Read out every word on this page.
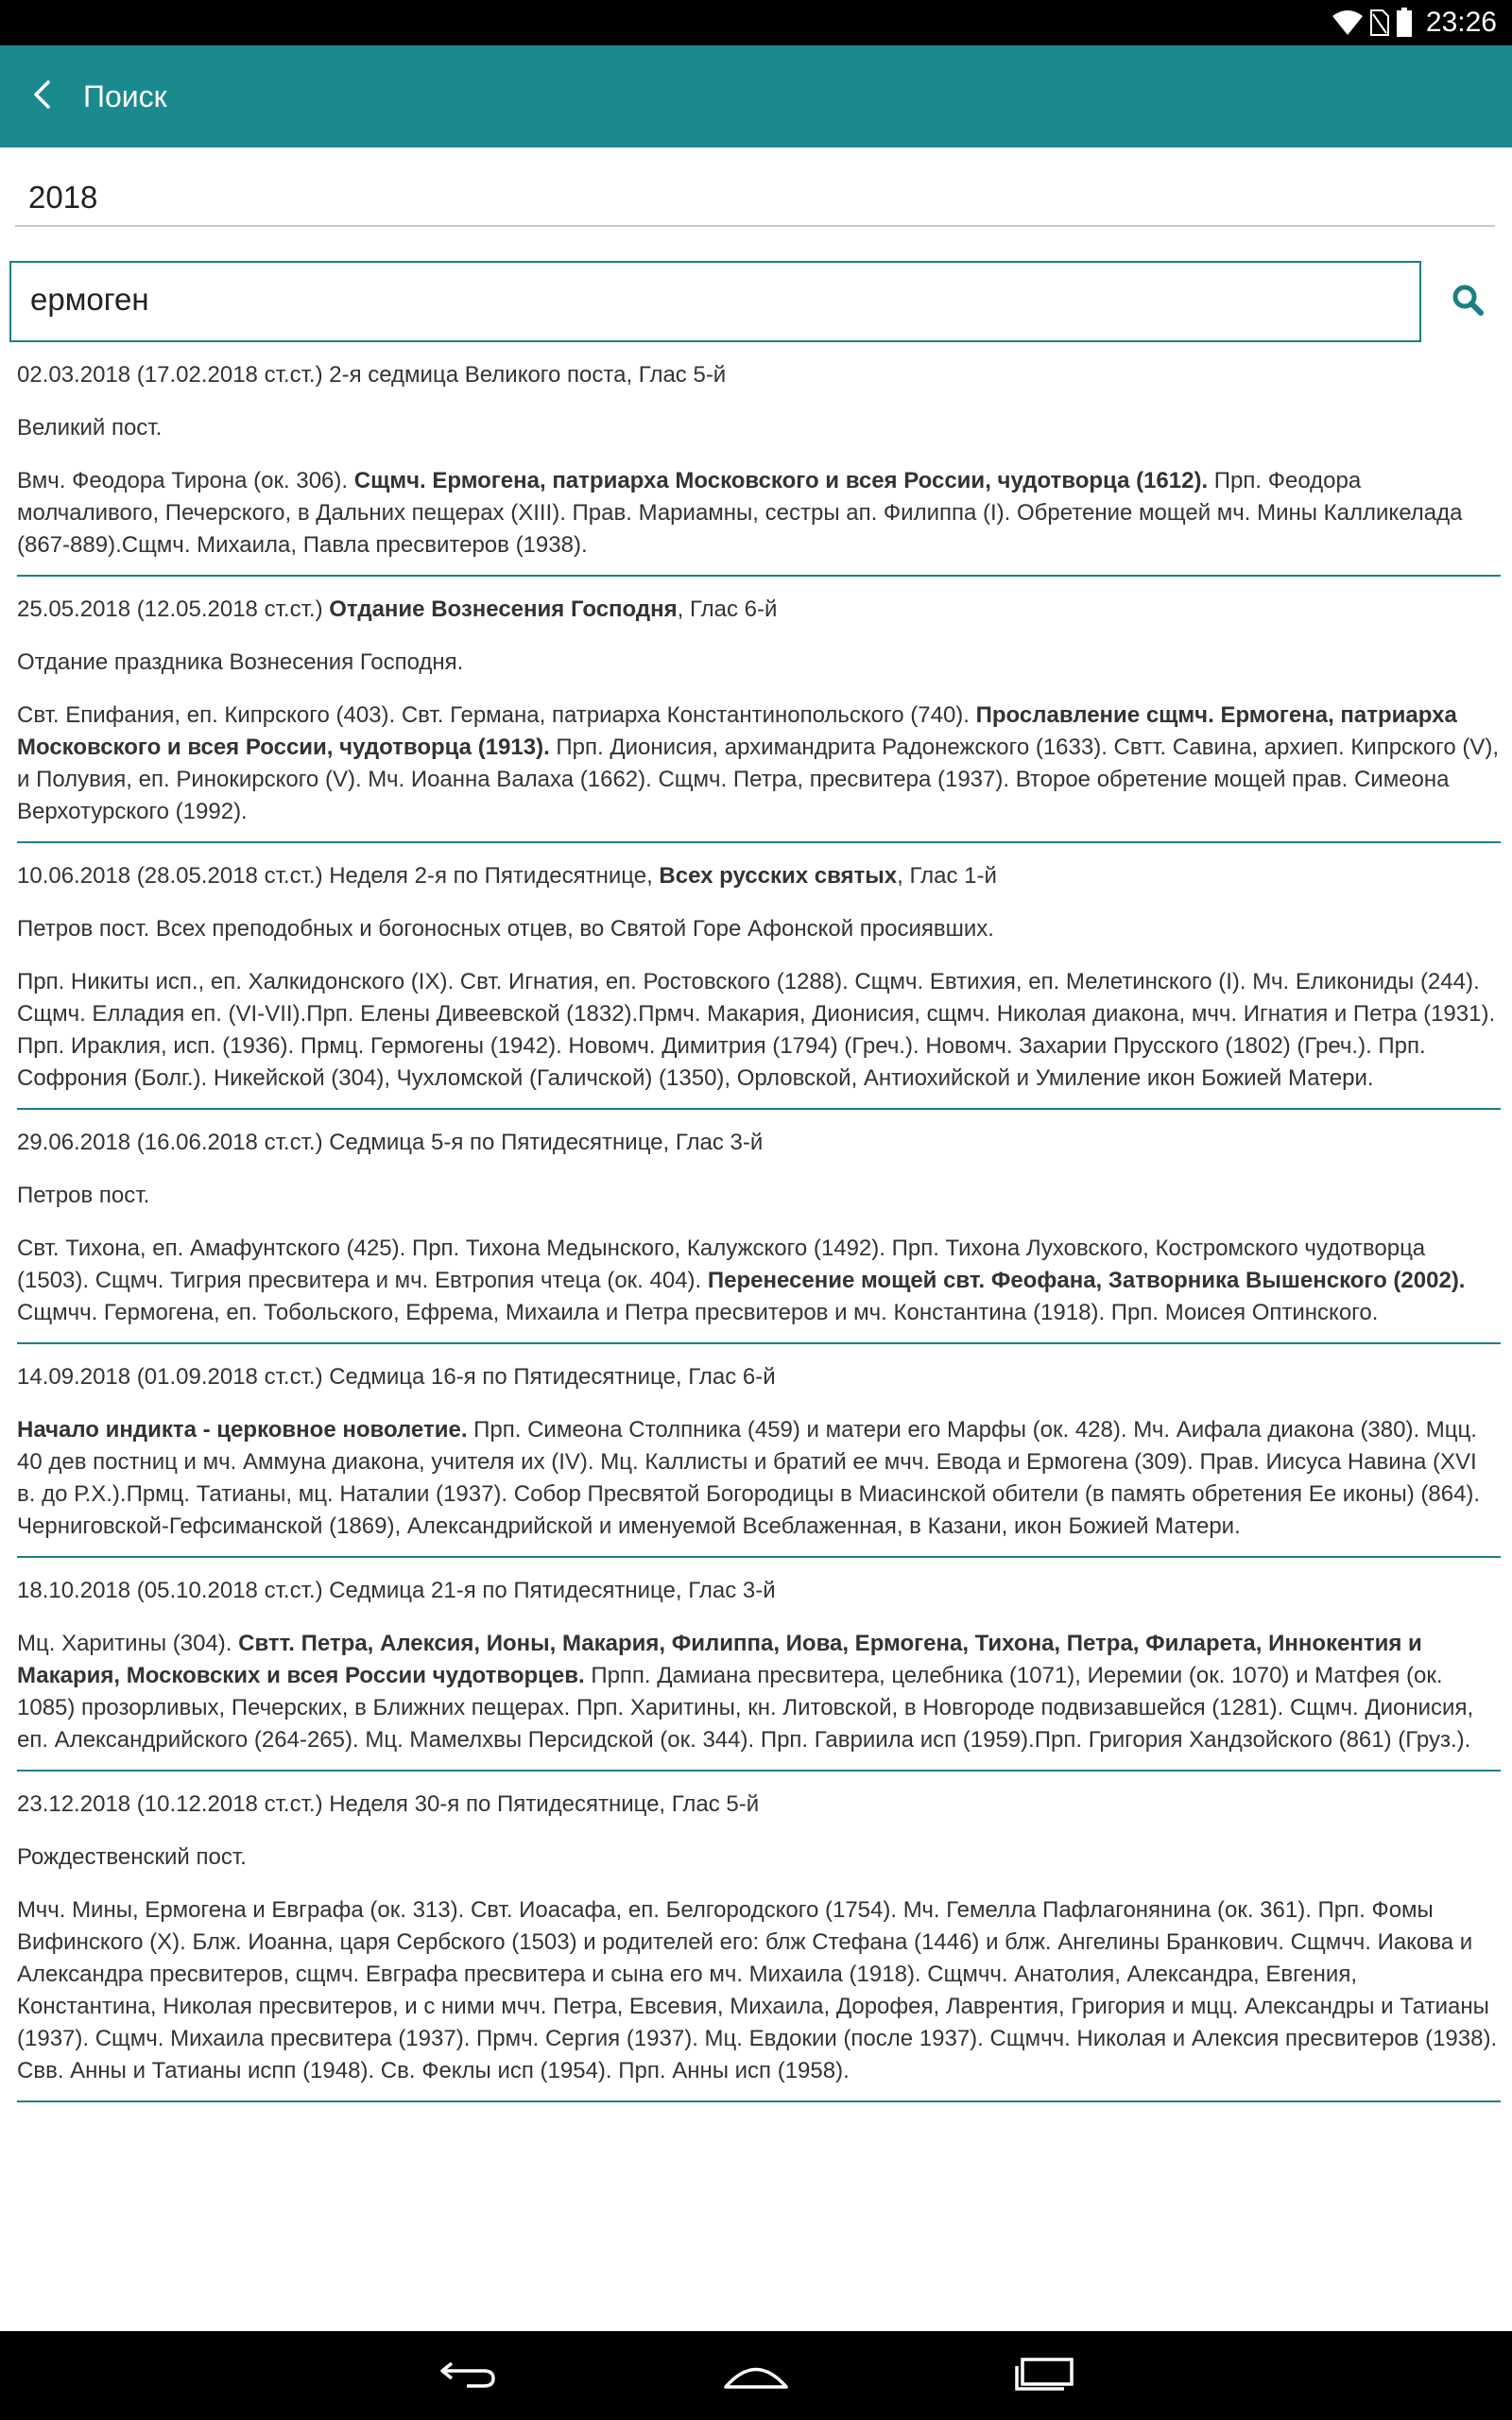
23:26
Поиск
2018
ермоген
02.03.2018 (17.02.2018 ст.ст.) 2-я седмица Великого поста, Глас 5-й
Великий пост.
Вмч. Феодора Тирона (ок. 306). Сщмч. Ермогена, патриарха Московского и всея России, чудотворца (1612). Прп. Феодора молчаливого, Печерского, в Дальних пещерах (XIII). Прав. Мариамны, сестры ап. Филиппа (I). Обретение мощей мч. Мины Калликелада (867-889).Сщмч. Михаила, Павла пресвитеров (1938).
25.05.2018 (12.05.2018 ст.ст.) Отдание Вознесения Господня, Глас 6-й
Отдание праздника Вознесения Господня.
Свт. Епифания, еп. Кипрского (403). Свт. Германа, патриарха Константинопольского (740). Прославление сщмч. Ермогена, патриарха Московского и всея России, чудотворца (1913). Прп. Дионисия, архимандрита Радонежского (1633). Свтт. Савина, архиеп. Кипрского (V), и Полувия, еп. Ринокирского (V). Мч. Иоанна Валаха (1662). Сщмч. Петра, пресвитера (1937). Второе обретение мощей прав. Симеона Верхотурского (1992).
10.06.2018 (28.05.2018 ст.ст.) Неделя 2-я по Пятидесятнице, Всех русских святых, Глас 1-й
Петров пост. Всех преподобных и богоносных отцев, во Святой Горе Афонской просиявших.
Прп. Никиты исп., еп. Халкидонского (IX). Свт. Игнатия, еп. Ростовского (1288). Сщмч. Евтихия, еп. Мелетинского (I). Мч. Еликониды (244). Сщмч. Елладия еп. (VI-VII).Прп. Елены Дивеевской (1832).Прмч. Макария, Дионисия, сщмч. Николая диакона, мчч. Игнатия и Петра (1931). Прп. Ираклия, исп. (1936). Прмц. Гермогены (1942). Новомч. Димитрия (1794) (Греч.). Новомч. Захарии Прусского (1802) (Греч.). Прп. Софрония (Болг.). Никейской (304), Чухломской (Галичской) (1350), Орловской, Антиохийской и Умиление икон Божией Матери.
29.06.2018 (16.06.2018 ст.ст.) Седмица 5-я по Пятидесятнице, Глас 3-й
Петров пост.
Свт. Тихона, еп. Амафунтского (425). Прп. Тихона Медынского, Калужского (1492). Прп. Тихона Луховского, Костромского чудотворца (1503). Сщмч. Тигрия пресвитера и мч. Евтропия чтеца (ок. 404). Перенесение мощей свт. Феофана, Затворника Вышенского (2002). Сщмчч. Гермогена, еп. Тобольского, Ефрема, Михаила и Петра пресвитеров и мч. Константина (1918). Прп. Моисея Оптинского.
14.09.2018 (01.09.2018 ст.ст.) Седмица 16-я по Пятидесятнице, Глас 6-й
Начало индикта - церковное новолетие. Прп. Симеона Столпника (459) и матери его Марфы (ок. 428). Мч. Аифала диакона (380). Мцц. 40 дев постниц и мч. Аммуна диакона, учителя их (IV). Мц. Каллисты и братий ее мчч. Евода и Ермогена (309). Прав. Иисуса Навина (XVI в. до Р.Х.).Прмц. Татианы, мц. Наталии (1937). Собор Пресвятой Богородицы в Миасинской обители (в память обретения Ее иконы) (864). Черниговской-Гефсиманской (1869), Александрийской и именуемой Всеблаженная, в Казани, икон Божией Матери.
18.10.2018 (05.10.2018 ст.ст.) Седмица 21-я по Пятидесятнице, Глас 3-й
Мц. Харитины (304). Свтт. Петра, Алексия, Ионы, Макария, Филиппа, Иова, Ермогена, Тихона, Петра, Филарета, Иннокентия и Макария, Московских и всея России чудотворцев. Прпп. Дамиана пресвитера, целебника (1071), Иеремии (ок. 1070) и Матфея (ок. 1085) прозорливых, Печерских, в Ближних пещерах. Прп. Харитины, кн. Литовской, в Новгороде подвизавшейся (1281). Сщмч. Дионисия, еп. Александрийского (264-265). Мц. Мамелхвы Персидской (ок. 344). Прп. Гавриила исп (1959).Прп. Григория Хандзойского (861) (Груз.).
23.12.2018 (10.12.2018 ст.ст.) Неделя 30-я по Пятидесятнице, Глас 5-й
Рождественский пост.
Мчч. Мины, Ермогена и Евграфа (ок. 313). Свт. Иоасафа, еп. Белгородского (1754). Мч. Гемелла Пафлагонянина (ок. 361). Прп. Фомы Вифинского (X). Блж. Иоанна, царя Сербского (1503) и родителей его: блж Стефана (1446) и блж. Ангелины Бранкович. Сщмчч. Иакова и Александра пресвитеров, сщмч. Евграфа пресвитера и сына его мч. Михаила (1918). Сщмчч. Анатолия, Александра, Евгения, Константина, Николая пресвитеров, и с ними мчч. Петра, Евсевия, Михаила, Дорофея, Лаврентия, Григория и мцц. Александры и Татианы (1937). Сщмч. Михаила пресвитера (1937). Прмч. Сергия (1937). Мц. Евдокии (после 1937). Сщмчч. Николая и Алексия пресвитеров (1938). Свв. Анны и Татианы испп (1948). Св. Феклы исп (1954). Прп. Анны исп (1958).
